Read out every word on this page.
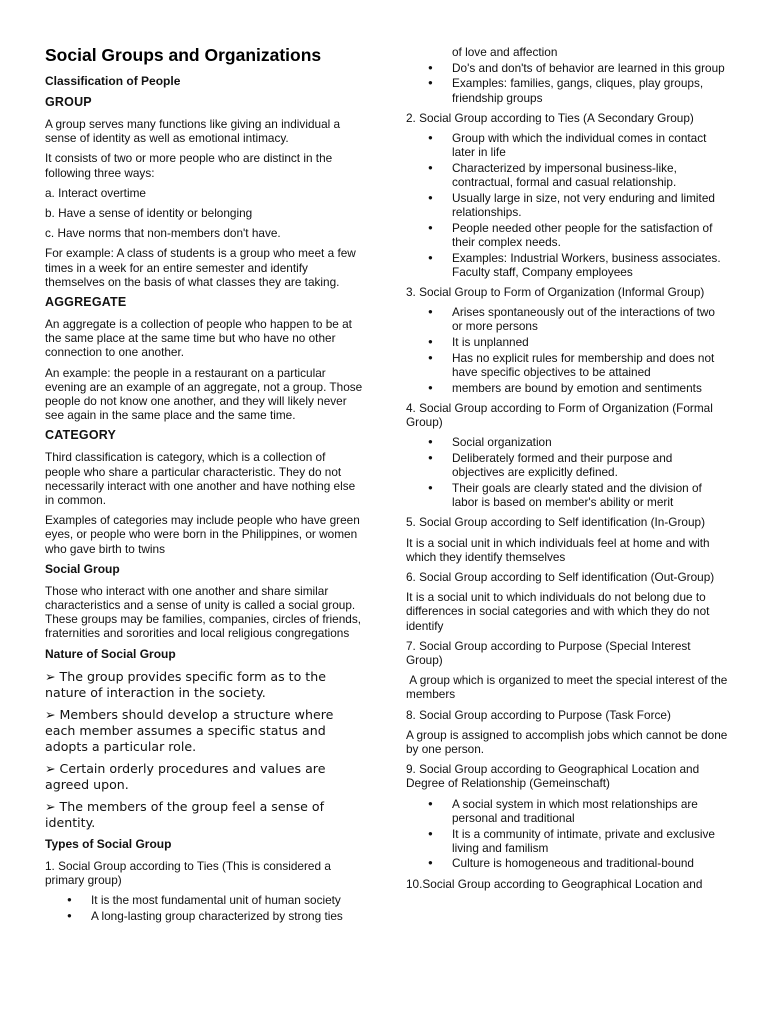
Social Groups and Organizations
Classification of People
GROUP

A group serves many functions like giving an individual a sense of identity as well as emotional intimacy.

It consists of two or more people who are distinct in the following three ways:

a. Interact overtime

b. Have a sense of identity or belonging

c. Have norms that non-members don't have.

For example: A class of students is a group who meet a few times in a week for an entire semester and identify themselves on the basis of what classes they are taking.

AGGREGATE

An aggregate is a collection of people who happen to be at the same place at the same time but who have no other connection to one another.

An example: the people in a restaurant on a particular evening are an example of an aggregate, not a group. Those people do not know one another, and they will likely never see again in the same place and the same time.

CATEGORY

Third classification is category, which is a collection of people who share a particular characteristic. They do not necessarily interact with one another and have nothing else in common.

Examples of categories may include people who have green eyes, or people who were born in the Philippines, or women who gave birth to twins

Social Group

Those who interact with one another and share similar characteristics and a sense of unity is called a social group. These groups may be families, companies, circles of friends, fraternities and sororities and local religious congregations

Nature of Social Group

➢ The group provides specific form as to the nature of interaction in the society.

➢ Members should develop a structure where each member assumes a specific status and adopts a particular role.

➢ Certain orderly procedures and values are agreed upon.

➢ The members of the group feel a sense of identity.

Types of Social Group

1. Social Group according to Ties (This is considered a primary group)

● It is the most fundamental unit of human society
● A long-lasting group characterized by strong ties
of love and affection
● Do's and don'ts of behavior are learned in this group
● Examples: families, gangs, cliques, play groups, friendship groups

2. Social Group according to Ties (A Secondary Group)

● Group with which the individual comes in contact later in life
● Characterized by impersonal business-like, contractual, formal and casual relationship.
● Usually large in size, not very enduring and limited relationships.
● People needed other people for the satisfaction of their complex needs.
● Examples: Industrial Workers, business associates. Faculty staff, Company employees

3. Social Group to Form of Organization (Informal Group)

● Arises spontaneously out of the interactions of two or more persons
● It is unplanned
● Has no explicit rules for membership and does not have specific objectives to be attained
● members are bound by emotion and sentiments

4. Social Group according to Form of Organization (Formal Group)

● Social organization
● Deliberately formed and their purpose and objectives are explicitly defined.
● Their goals are clearly stated and the division of labor is based on member's ability or merit

5. Social Group according to Self identification (In-Group)

It is a social unit in which individuals feel at home and with which they identify themselves

6. Social Group according to Self identification (Out-Group)

It is a social unit to which individuals do not belong due to differences in social categories and with which they do not identify

7. Social Group according to Purpose (Special Interest Group)

A group which is organized to meet the special interest of the members

8. Social Group according to Purpose (Task Force)

A group is assigned to accomplish jobs which cannot be done by one person.

9. Social Group according to Geographical Location and Degree of Relationship (Gemeinschaft)

● A social system in which most relationships are personal and traditional
● It is a community of intimate, private and exclusive living and familism
● Culture is homogeneous and traditional-bound

10.Social Group according to Geographical Location and
